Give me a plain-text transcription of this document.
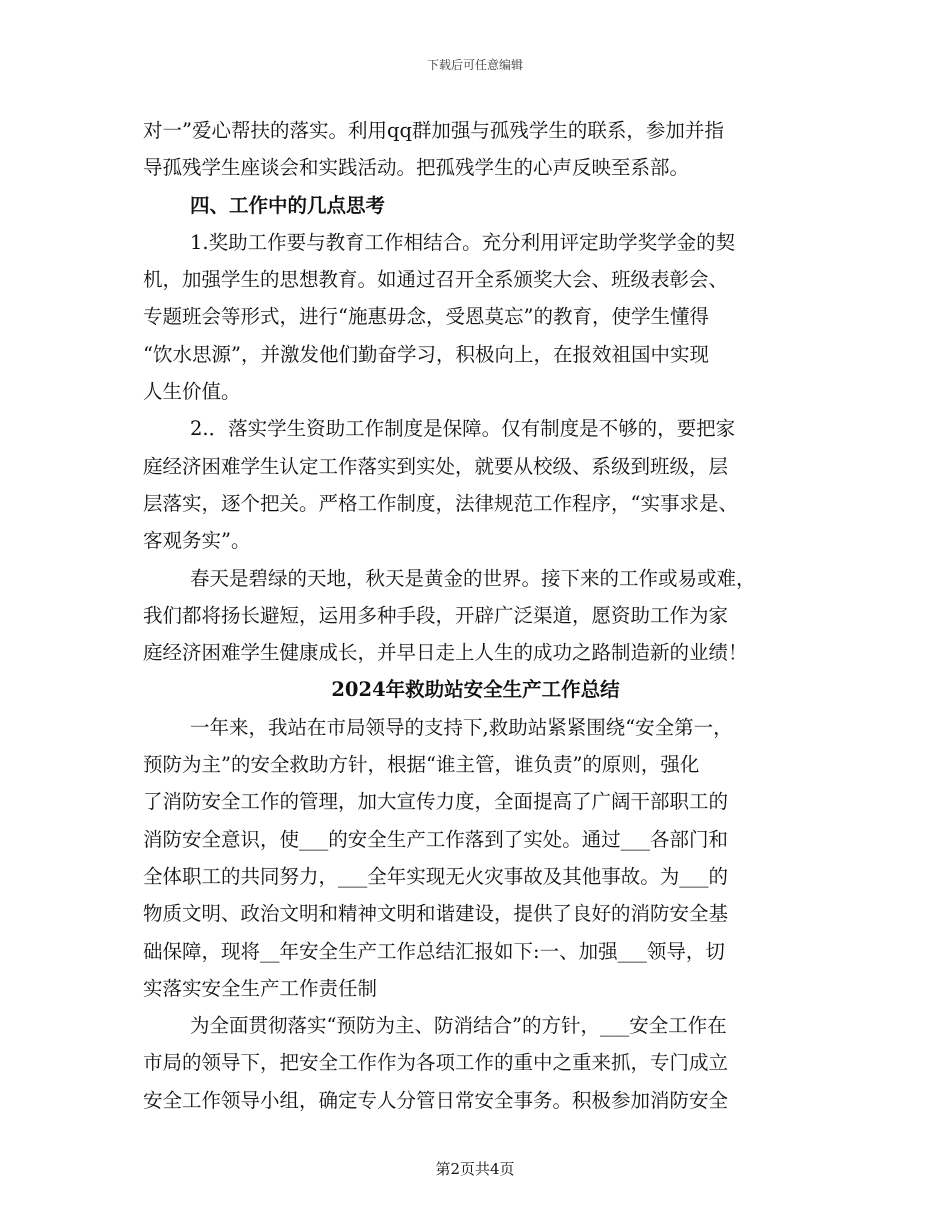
下载后可任意编辑
对一”爱心帮扶的落实。利用qq群加强与孤残学生的联系，参加并指
导孤残学生座谈会和实践活动。把孤残学生的心声反映至系部。
四、工作中的几点思考
1.奖助工作要与教育工作相结合。充分利用评定助学奖学金的契
机，加强学生的思想教育。如通过召开全系颁奖大会、班级表彰会、
专题班会等形式，进行“施惠毋念，受恩莫忘”的教育，使学生懂得
“饮水思源”，并激发他们勤奋学习，积极向上，在报效祖国中实现
人生价值。
2.．落实学生资助工作制度是保障。仅有制度是不够的，要把家
庭经济困难学生认定工作落实到实处，就要从校级、系级到班级，层
层落实，逐个把关。严格工作制度，法律规范工作程序，“实事求是、
客观务实”。
春天是碧绿的天地，秋天是黄金的世界。接下来的工作或易或难，
我们都将扬长避短，运用多种手段，开辟广泛渠道，愿资助工作为家
庭经济困难学生健康成长，并早日走上人生的成功之路制造新的业绩！
2024年救助站安全生产工作总结
一年来，我站在市局领导的支持下,救助站紧紧围绕“安全第一，
预防为主”的安全救助方针，根据“谁主管，谁负责”的原则，强化
了消防安全工作的管理，加大宣传力度，全面提高了广阔干部职工的
消防安全意识，使___的安全生产工作落到了实处。通过___各部门和
全体职工的共同努力，___全年实现无火灾事故及其他事故。为___的
物质文明、政治文明和精神文明和谐建设，提供了良好的消防安全基
础保障，现将__年安全生产工作总结汇报如下:一、加强___领导，切
实落实安全生产工作责任制
为全面贯彻落实“预防为主、防消结合”的方针，___安全工作在
市局的领导下，把安全工作作为各项工作的重中之重来抓，专门成立
安全工作领导小组，确定专人分管日常安全事务。积极参加消防安全
第2页共4页
